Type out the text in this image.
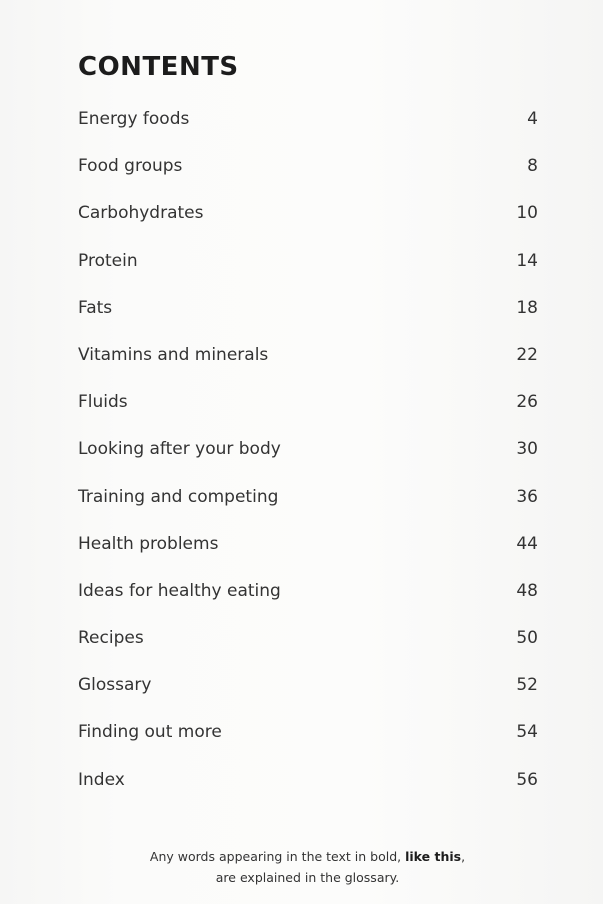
CONTENTS
Energy foods	4
Food groups	8
Carbohydrates	10
Protein	14
Fats	18
Vitamins and minerals	22
Fluids	26
Looking after your body	30
Training and competing	36
Health problems	44
Ideas for healthy eating	48
Recipes	50
Glossary	52
Finding out more	54
Index	56
Any words appearing in the text in bold, like this,
are explained in the glossary.
